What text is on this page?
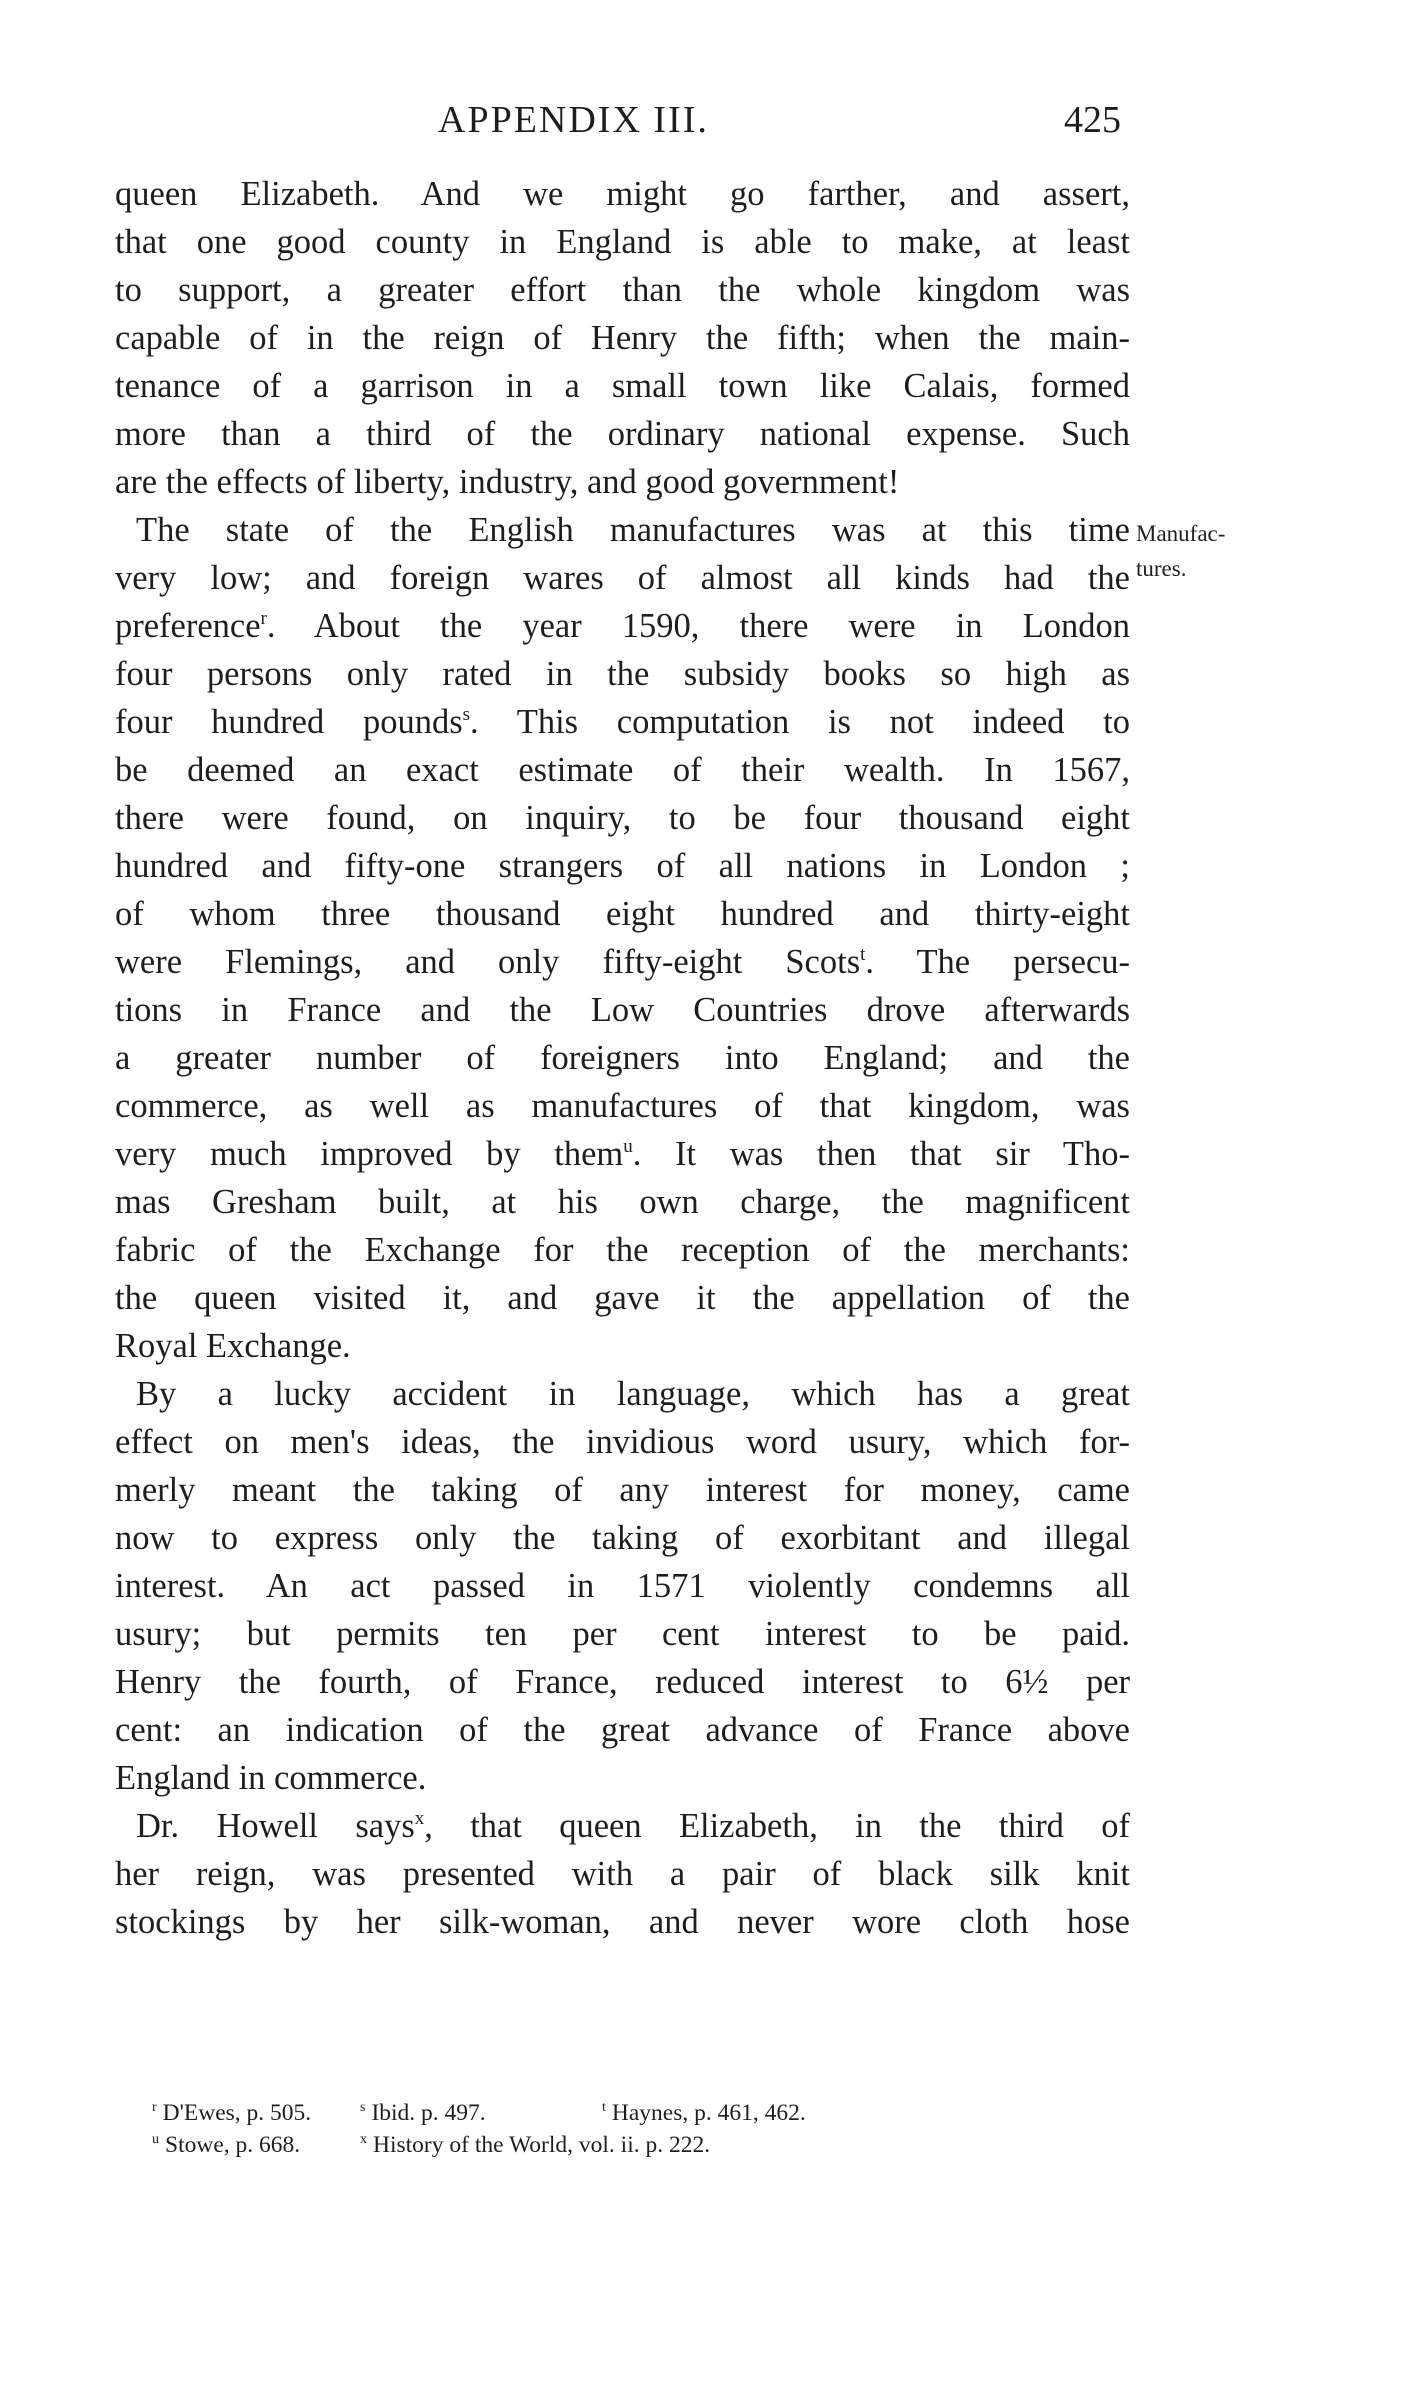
APPENDIX III.	425
queen Elizabeth. And we might go farther, and assert,
that one good county in England is able to make, at least
to support, a greater effort than the whole kingdom was
capable of in the reign of Henry the fifth; when the main-
tenance of a garrison in a small town like Calais, formed
more than a third of the ordinary national expense. Such
are the effects of liberty, industry, and good government!
The state of the English manufactures was at this time
very low; and foreign wares of almost all kinds had the
preference$^r$. About the year 1590, there were in London
four persons only rated in the subsidy books so high as
four hundred pounds$^s$. This computation is not indeed to
be deemed an exact estimate of their wealth. In 1567,
there were found, on inquiry, to be four thousand eight
hundred and fifty-one strangers of all nations in London ;
of whom three thousand eight hundred and thirty-eight
were Flemings, and only fifty-eight Scots$^t$. The persecu-
tions in France and the Low Countries drove afterwards
a greater number of foreigners into England; and the
commerce, as well as manufactures of that kingdom, was
very much improved by them$^u$. It was then that sir Tho-
mas Gresham built, at his own charge, the magnificent
fabric of the Exchange for the reception of the merchants:
the queen visited it, and gave it the appellation of the
Royal Exchange.
By a lucky accident in language, which has a great
effect on men's ideas, the invidious word usury, which for-
merly meant the taking of any interest for money, came
now to express only the taking of exorbitant and illegal
interest. An act passed in 1571 violently condemns all
usury; but permits ten per cent interest to be paid.
Henry the fourth, of France, reduced interest to 6½ per
cent: an indication of the great advance of France above
England in commerce.
Dr. Howell says$^x$, that queen Elizabeth, in the third of
her reign, was presented with a pair of black silk knit
stockings by her silk-woman, and never wore cloth hose
Manufac-
tures.
$^r$ D'Ewes, p. 505.	$^s$ Ibid. p. 497.	$^t$ Haynes, p. 461, 462.
$^u$ Stowe, p. 668.	$^x$ History of the World, vol. ii. p. 222.
